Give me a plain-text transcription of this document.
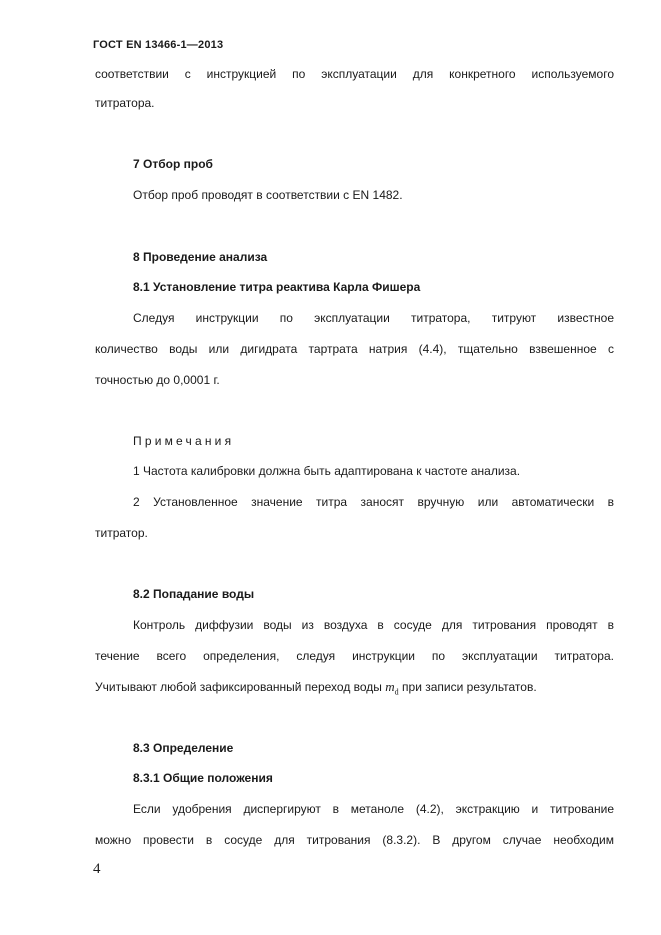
ГОСТ EN 13466-1—2013
соответствии с инструкцией по эксплуатации для конкретного используемого
титратора.
7 Отбор проб
Отбор проб проводят в соответствии с EN 1482.
8 Проведение анализа
8.1 Установление титра реактива Карла Фишера
Следуя инструкции по эксплуатации титратора, титруют известное
количество воды или дигидрата тартрата натрия (4.4), тщательно взвешенное с
точностью до 0,0001 г.
Примечания
1 Частота калибровки должна быть адаптирована к частоте анализа.
2 Установленное значение титра заносят вручную или автоматически в
титратор.
8.2 Попадание воды
Контроль диффузии воды из воздуха в сосуде для титрования проводят в
течение всего определения, следуя инструкции по эксплуатации титратора.
Учитывают любой зафиксированный переход воды $m_d$ при записи результатов.
8.3 Определение
8.3.1 Общие положения
Если удобрения диспергируют в метаноле (4.2), экстракцию и титрование
можно провести в сосуде для титрования (8.3.2). В другом случае необходим
4
